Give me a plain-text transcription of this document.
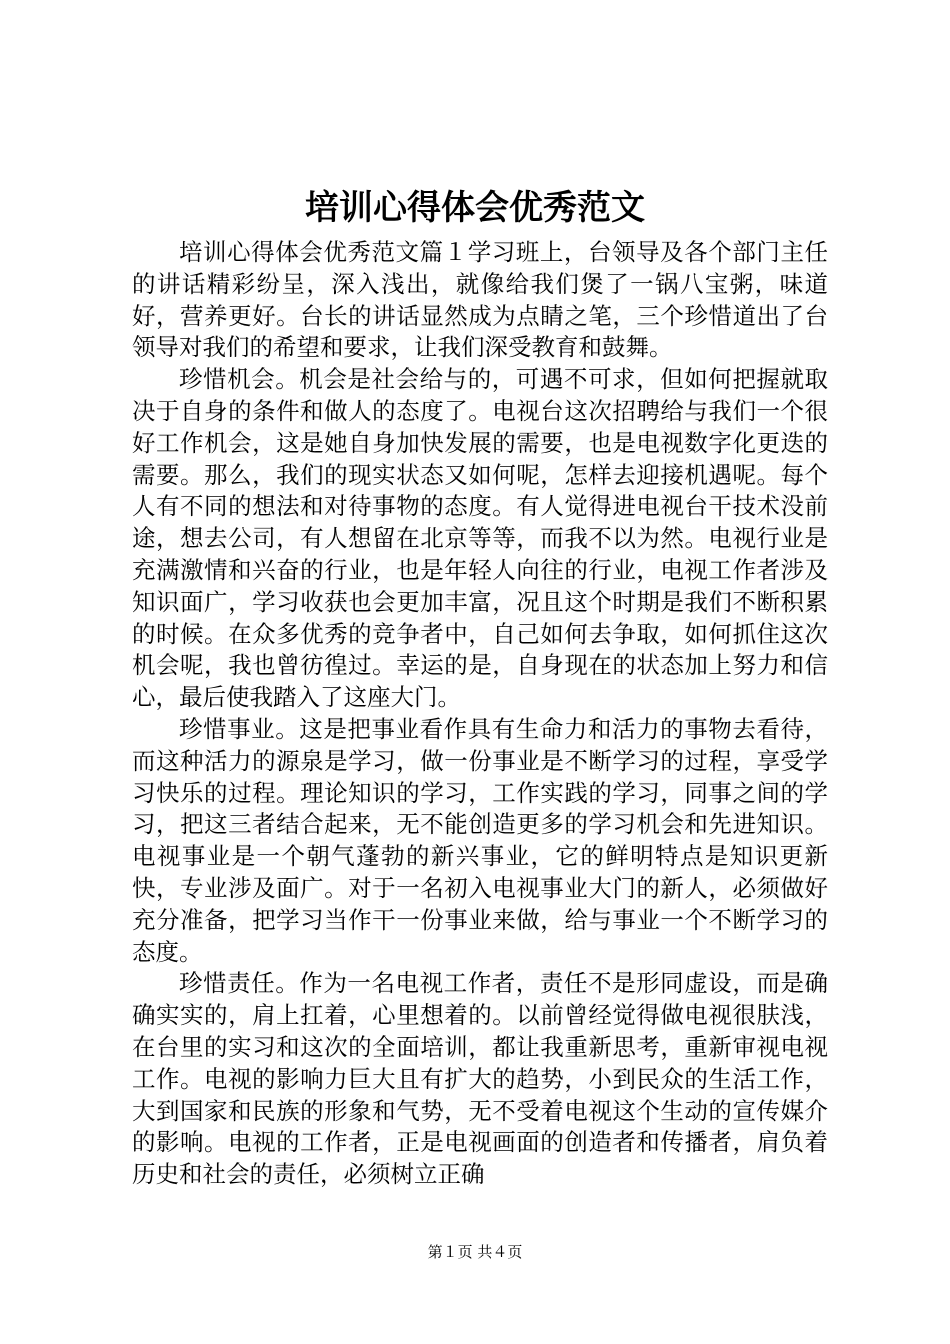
培训心得体会优秀范文

培训心得体会优秀范文篇１学习班上，台领导及各个部门主任的讲话精彩纷呈，深入浅出，就像给我们煲了一锅八宝粥，味道好，营养更好。台长的讲话显然成为点睛之笔，三个珍惜道出了台领导对我们的希望和要求，让我们深受教育和鼓舞。

珍惜机会。机会是社会给与的，可遇不可求，但如何把握就取决于自身的条件和做人的态度了。电视台这次招聘给与我们一个很好工作机会，这是她自身加快发展的需要，也是电视数字化更迭的需要。那么，我们的现实状态又如何呢，怎样去迎接机遇呢。每个人有不同的想法和对待事物的态度。有人觉得进电视台干技术没前途，想去公司，有人想留在北京等等，而我不以为然。电视行业是充满激情和兴奋的行业，也是年轻人向往的行业，电视工作者涉及知识面广，学习收获也会更加丰富，况且这个时期是我们不断积累的时候。在众多优秀的竞争者中，自己如何去争取，如何抓住这次机会呢，我也曾彷徨过。幸运的是，自身现在的状态加上努力和信心，最后使我踏入了这座大门。

珍惜事业。这是把事业看作具有生命力和活力的事物去看待，而这种活力的源泉是学习，做一份事业是不断学习的过程，享受学习快乐的过程。理论知识的学习，工作实践的学习，同事之间的学习，把这三者结合起来，无不能创造更多的学习机会和先进知识。电视事业是一个朝气蓬勃的新兴事业，它的鲜明特点是知识更新快，专业涉及面广。对于一名初入电视事业大门的新人，必须做好充分准备，把学习当作干一份事业来做，给与事业一个不断学习的态度。

珍惜责任。作为一名电视工作者，责任不是形同虚设，而是确确实实的，肩上扛着，心里想着的。以前曾经觉得做电视很肤浅，在台里的实习和这次的全面培训，都让我重新思考，重新审视电视工作。电视的影响力巨大且有扩大的趋势，小到民众的生活工作，大到国家和民族的形象和气势，无不受着电视这个生动的宣传媒介的影响。电视的工作者，正是电视画面的创造者和传播者，肩负着历史和社会的责任，必须树立正确

第１页 共４页
